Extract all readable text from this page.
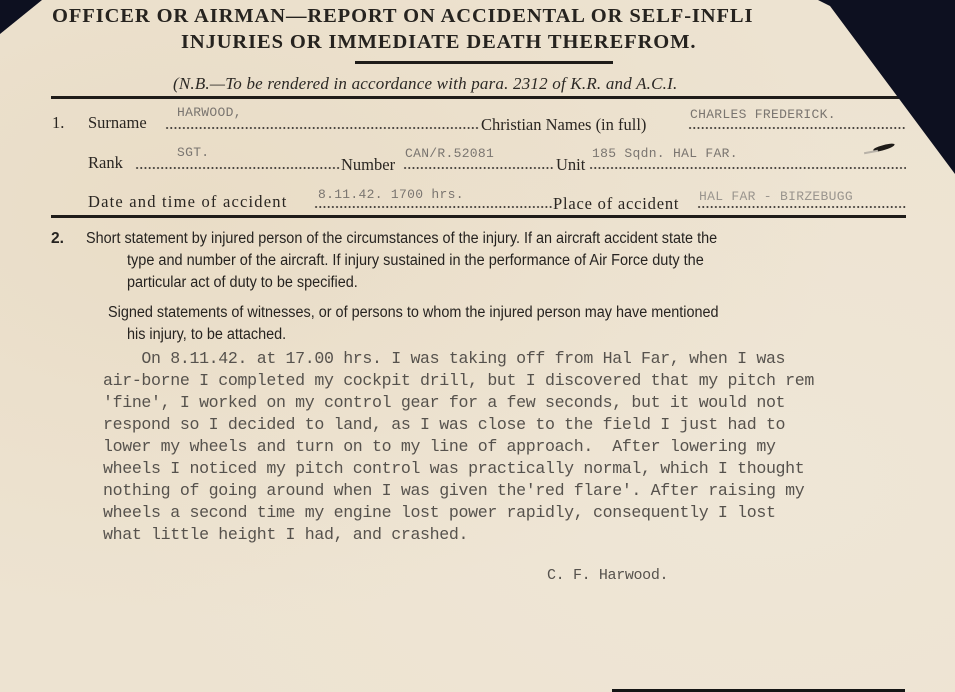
OFFICER OR AIRMAN—REPORT ON ACCIDENTAL OR SELF-INFLI
INJURIES OR IMMEDIATE DEATH THEREFROM.
(N.B.—To be rendered in accordance with para. 2312 of K.R. and A.C.I.
1. Surname
HARWOOD,
Christian Names (in full)
CHARLES FREDERICK.
Rank
SGT.
Number
CAN/R.52081
Unit
185 Sqdn. HAL FAR.
Date and time of accident 8.11.42. 1700 hrs.	Place of accident HAL FAR - BIRZEBUGG
2. Short statement by injured person of the circumstances of the injury. If an aircraft accident state the
type and number of the aircraft. If injury sustained in the performance of Air Force duty the
particular act of duty to be specified.
Signed statements of witnesses, or of persons to whom the injured person may have mentioned
his injury, to be attached.
On 8.11.42. at 17.00 hrs. I was taking off from Hal Far, when I was
air-borne I completed my cockpit drill, but I discovered that my pitch rem
'fine', I worked on my control gear for a few seconds, but it would not
respond so I decided to land, as I was close to the field I just had to
lower my wheels and turn on to my line of approach.  After lowering my
wheels I noticed my pitch control was practically normal, which I thought
nothing of going around when I was given the'red flare'. After raising my
wheels a second time my engine lost power rapidly, consequently I lost
what little height I had, and crashed.
C. F. Harwood.
